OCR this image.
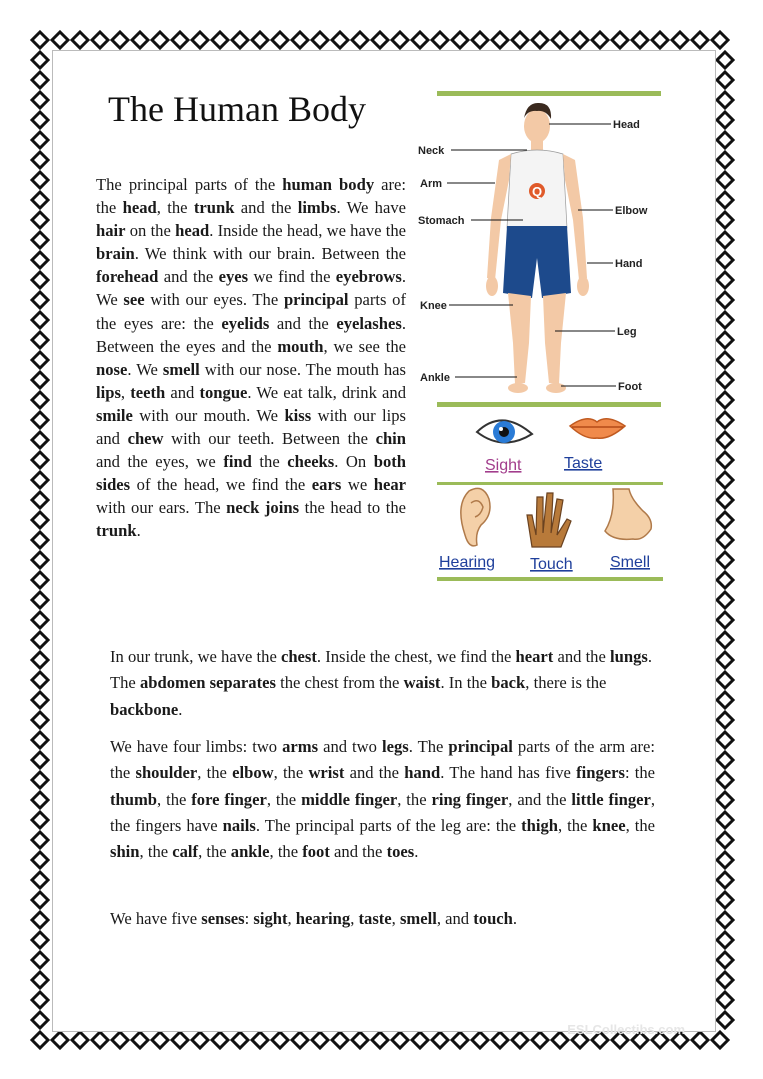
The Human Body
The principal parts of the human body are: the head, the trunk and the limbs. We have hair on the head. Inside the head, we have the brain. We think with our brain. Between the forehead and the eyes we find the eyebrows. We see with our eyes. The principal parts of the eyes are: the eyelids and the eyelashes. Between the eyes and the mouth, we see the nose. We smell with our nose. The mouth has lips, teeth and tongue. We eat talk, drink and smile with our mouth. We kiss with our lips and chew with our teeth. Between the chin and the eyes, we find the cheeks. On both sides of the head, we find the ears we hear with our ears. The neck joins the head to the trunk.
Q
Neck
Arm
Stomach
Knee
Ankle
Head
Elbow
Hand
Leg
Foot
Sight	Taste
Hearing Touch Smell
In our trunk, we have the chest. Inside the chest, we find the heart and the lungs. The abdomen separates the chest from the waist. In the back, there is the backbone.
We have four limbs: two arms and two legs. The principal parts of the arm are: the shoulder, the elbow, the wrist and the hand. The hand has five fingers: the thumb, the fore finger, the middle finger, the ring finger, and the little finger, the fingers have nails. The principal parts of the leg are: the thigh, the knee, the shin, the calf, the ankle, the foot and the toes.
We have five senses: sight, hearing, taste, smell, and touch.
ESLCollectibs.com
